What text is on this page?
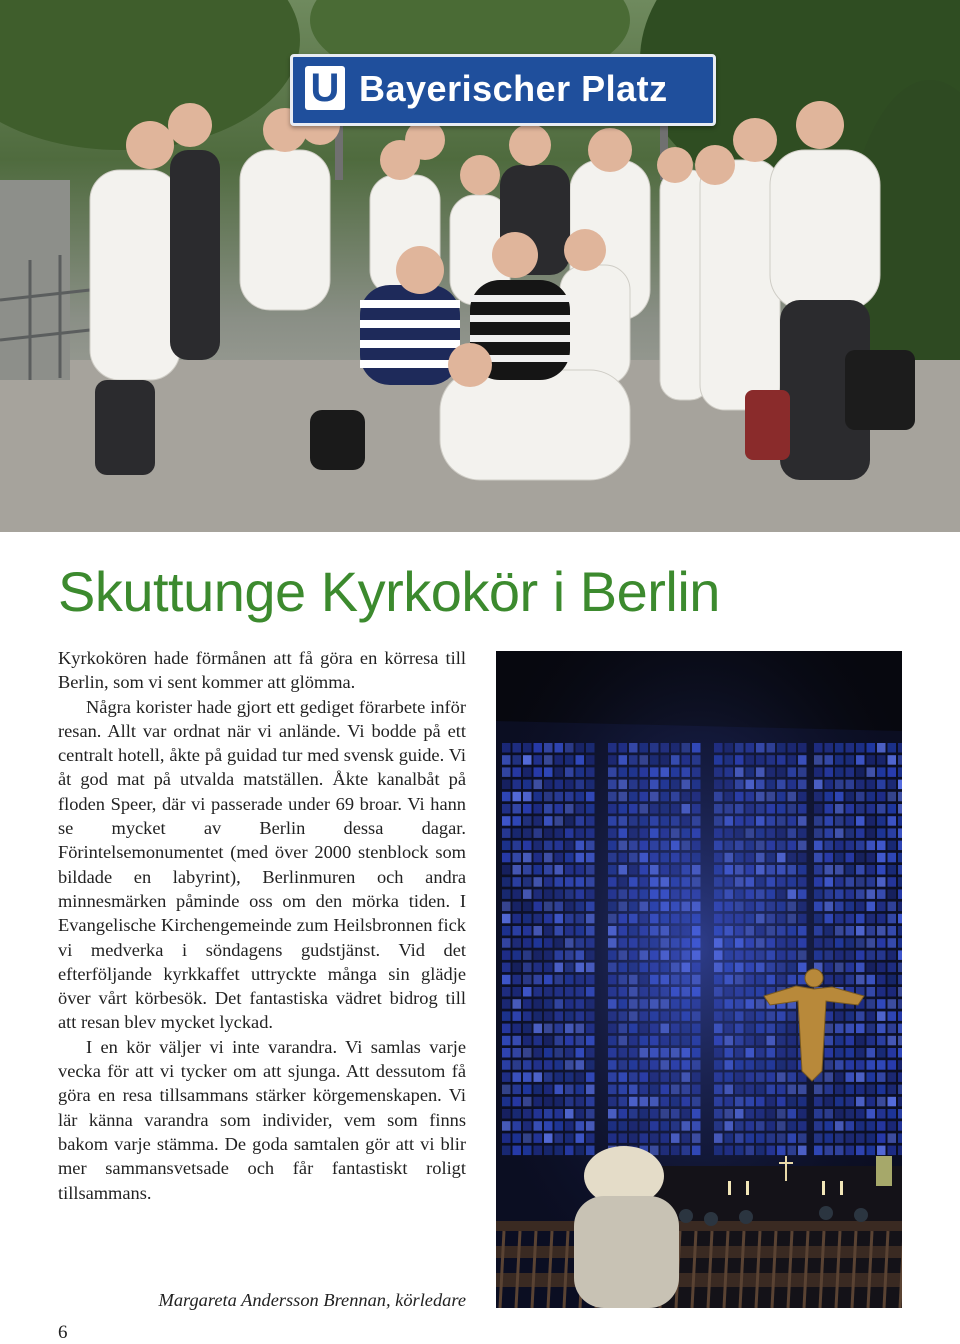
U Bayerischer Platz
Skuttunge Kyrkokör i Berlin

Kyrkokören hade förmånen att få göra en körresa till Berlin, som vi sent kommer att glömma.

Några korister hade gjort ett gediget förarbete inför resan. Allt var ordnat när vi anlände. Vi bodde på ett centralt hotell, åkte på guidad tur med svensk guide. Vi åt god mat på utvalda matställen. Åkte kanalbåt på floden Speer, där vi passerade under 69 broar. Vi hann se mycket av Berlin dessa dagar. Förintelsemonumentet (med över 2000 stenblock som bildade en labyrint), Berlinmuren och andra minnesmärken påminde oss om den mörka tiden. I Evangelische Kirchengemeinde zum Heilsbronnen fick vi medverka i söndagens gudstjänst. Vid det efterföljande kyrkkaffet uttryckte många sin glädje över vårt körbesök. Det fantastiska vädret bidrog till att resan blev mycket lyckad.

I en kör väljer vi inte varandra. Vi samlas varje vecka för att vi tycker om att sjunga. Att dessutom få göra en resa tillsammans stärker körgemenskapen. Vi lär känna varandra som individer, vem som finns bakom varje stämma. De goda samtalen gör att vi blir mer sammansvetsade och får fantastiskt roligt tillsammans.

Margareta Andersson Brennan, körledare
6
